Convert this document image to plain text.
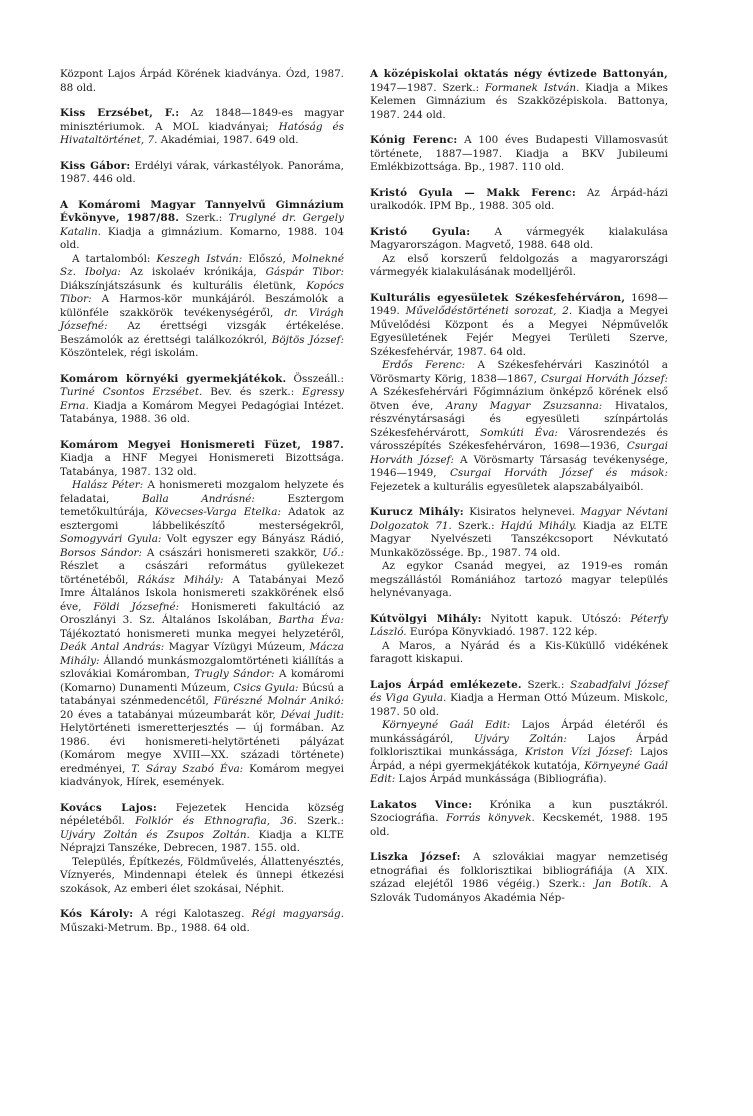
Központ Lajos Árpád Körének kiadványa. Ózd, 1987. 88 old.

Kiss Erzsébet, F.: Az 1848—1849-es magyar minisztériumok. A MOL kiadványai; Hatóság és Hivataltörténet, 7. Akadémiai, 1987. 649 old.

Kiss Gábor: Erdélyi várak, várkastélyok. Panoráma, 1987. 446 old.

A Komáromi Magyar Tannyelvű Gimnázium Évkönyve, 1987/88. Szerk.: Truglyné dr. Gergely Katalin. Kiadja a gimnázium. Komarno, 1988. 104 old.

A tartalomból: Keszegh István: Előszó, Molnekné Sz. Ibolya: Az iskolaév krónikája, Gáspár Tibor: Diákszínjátszásunk és kulturális életünk, Kopócs Tibor: A Harmos-kör munkájáról. Beszámolók a különféle szakkörök tevékenységéről, dr. Virágh Józsefné: Az érettségi vizsgák értékelése. Beszámolók az érettségi találkozókról, Böjtös József: Köszöntelek, régi iskolám.

Komárom környéki gyermekjátékok. Összeáll.: Turiné Csontos Erzsébet. Bev. és szerk.: Egressy Erna. Kiadja a Komárom Megyei Pedagógiai Intézet. Tatabánya, 1988. 36 old.

Komárom Megyei Honismereti Füzet, 1987. Kiadja a HNF Megyei Honismereti Bizottsága. Tatabánya, 1987. 132 old.

Halász Péter: A honismereti mozgalom helyzete és feladatai, Balla Andrásné: Esztergom temetőkultúrája, Kövecses-Varga Etelka: Adatok az esztergomi lábbelikészítő mesterségekről, Somogyvári Gyula: Volt egyszer egy Bányász Rádió, Borsos Sándor: A császári honismereti szakkör, Uő.: Részlet a császári református gyülekezet történetéből, Rákász Mihály: A Tatabányai Mező Imre Általános Iskola honismereti szakkörének első éve, Földi Józsefné: Honismereti fakultáció az Oroszlányi 3. Sz. Általános Iskolában, Bartha Éva: Tájékoztató honismereti munka megyei helyzetéről, Deák Antal András: Magyar Vízügyi Múzeum, Mácza Mihály: Állandó munkásmozgalomtörténeti kiállítás a szlovákiai Komáromban, Trugly Sándor: A komáromi (Komarno) Dunamenti Múzeum, Csics Gyula: Búcsú a tatabányai szénmedencétől, Fürészné Molnár Anikó: 20 éves a tatabányai múzeumbarát kör, Dévai Judit: Helytörténeti ismeretterjesztés — új formában. Az 1986. évi honismereti-helytörténeti pályázat (Komárom megye XVIII—XX. századi története) eredményei, T. Sáray Szabó Éva: Komárom megyei kiadványok, Hírek, események.

Kovács Lajos: Fejezetek Hencida község népéletéből. Folklór és Ethnografia, 36. Szerk.: Ujváry Zoltán és Zsupos Zoltán. Kiadja a KLTE Néprajzi Tanszéke, Debrecen, 1987. 155. old.

Település, Építkezés, Földművelés, Állattenyésztés, Víznyerés, Mindennapi ételek és ünnepi étkezési szokások, Az emberi élet szokásai, Néphit.

Kós Károly: A régi Kalotaszeg. Régi magyarság. Műszaki-Metrum. Bp., 1988. 64 old.

A középiskolai oktatás négy évtizede Battonyán, 1947—1987. Szerk.: Formanek István. Kiadja a Mikes Kelemen Gimnázium és Szakközépiskola. Battonya, 1987. 244 old.

Kónig Ferenc: A 100 éves Budapesti Villamosvasút története, 1887—1987. Kiadja a BKV Jubileumi Emlékbizottsága. Bp., 1987. 110 old.

Kristó Gyula — Makk Ferenc: Az Árpád-házi uralkodók. IPM Bp., 1988. 305 old.

Kristó Gyula: A vármegyék kialakulása Magyarországon. Magvető, 1988. 648 old.

Az első korszerű feldolgozás a magyarországi vármegyék kialakulásának modelljéről.

Kulturális egyesületek Székesfehérváron, 1698—1949. Művelődéstörténeti sorozat, 2. Kiadja a Megyei Művelődési Központ és a Megyei Népművelők Egyesületének Fejér Megyei Területi Szerve, Székesfehérvár, 1987. 64 old.

Erdős Ferenc: A Székesfehérvári Kaszinótól a Vörösmarty Körig, 1838—1867, Csurgai Horváth József: A Székesfehérvári Főgimnázium önképző körének első ötven éve, Arany Magyar Zsuzsanna: Hivatalos, részvénytársasági és egyesületi színpártolás Székesfehérvárott, Somkúti Éva: Városrendezés és városszépítés Székesfehérváron, 1698—1936, Csurgai Horváth József: A Vörösmarty Társaság tevékenysége, 1946—1949, Csurgai Horváth József és mások: Fejezetek a kulturális egyesületek alapszabályaiból.

Kurucz Mihály: Kisiratos helynevei. Magyar Névtani Dolgozatok 71. Szerk.: Hajdú Mihály. Kiadja az ELTE Magyar Nyelvészeti Tanszékcsoport Névkutató Munkaközössége. Bp., 1987. 74 old.

Az egykor Csanád megyei, az 1919-es román megszállástól Romániához tartozó magyar település helynévanyaga.

Kútvölgyi Mihály: Nyitott kapuk. Utószó: Péterfy László. Európa Könyvkiadó. 1987. 122 kép.

A Maros, a Nyárád és a Kis-Küküllő vidékének faragott kiskapui.

Lajos Árpád emlékezete. Szerk.: Szabadfalvi József és Viga Gyula. Kiadja a Herman Ottó Múzeum. Miskolc, 1987. 50 old.

Környeyné Gaál Edit: Lajos Árpád életéről és munkásságáról, Ujváry Zoltán: Lajos Árpád folklorisztikai munkássága, Kriston Vízi József: Lajos Árpád, a népi gyermekjátékok kutatója, Környeyné Gaál Edit: Lajos Árpád munkássága (Bibliográfia).

Lakatos Vince: Krónika a kun pusztákról. Szociográfia. Forrás könyvek. Kecskemét, 1988. 195 old.

Liszka József: A szlovákiai magyar nemzetiség etnográfiai és folklorisztikai bibliográfiája (A XIX. század elejétől 1986 végéig.) Szerk.: Jan Botík. A Szlovák Tudományos Akadémia Nép-
